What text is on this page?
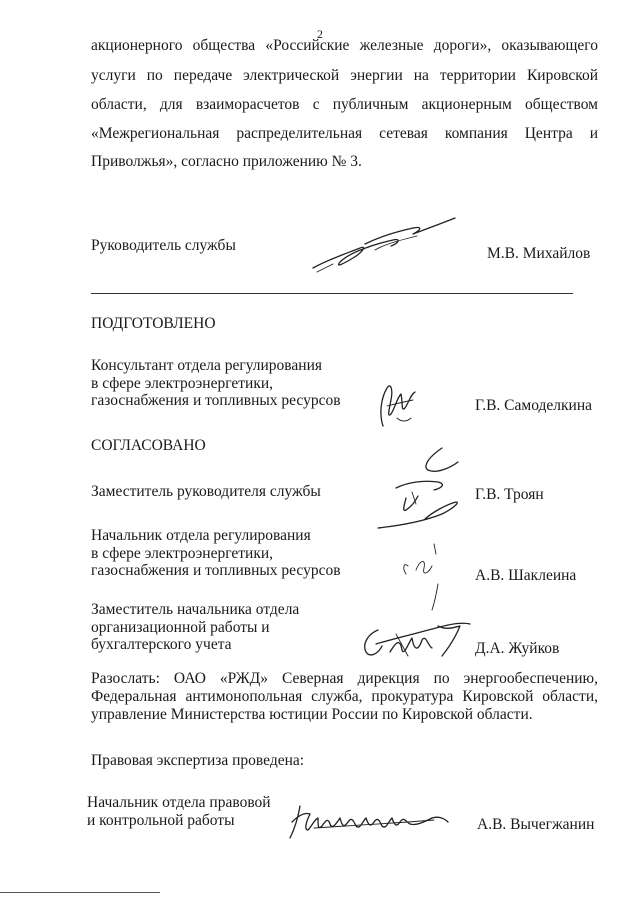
2
акционерного общества «Российские железные дороги», оказывающего
услуги по передаче электрической энергии на территории Кировской
области, для взаиморасчетов с публичным акционерным обществом
«Межрегиональная распределительная сетевая компания Центра и
Приволжья», согласно приложению № 3.
Руководитель службы	М.В. Михайлов
ПОДГОТОВЛЕНО
Консультант отдела регулирования
в сфере электроэнергетики,
газоснабжения и топливных ресурсов	Г.В. Самоделкина
СОГЛАСОВАНО
Заместитель руководителя службы	Г.В. Троян
Начальник отдела регулирования
в сфере электроэнергетики,
газоснабжения и топливных ресурсов	А.В. Шаклеина
Заместитель начальника отдела
организационной работы и
бухгалтерского учета	Д.А. Жуйков
Разослать: ОАО «РЖД» Северная дирекция по энергообеспечению,
Федеральная антимонопольная служба, прокуратура Кировской области,
управление Министерства юстиции России по Кировской области.
Правовая экспертиза проведена:
Начальник отдела правовой
и контрольной работы	А.В. Вычегжанин
